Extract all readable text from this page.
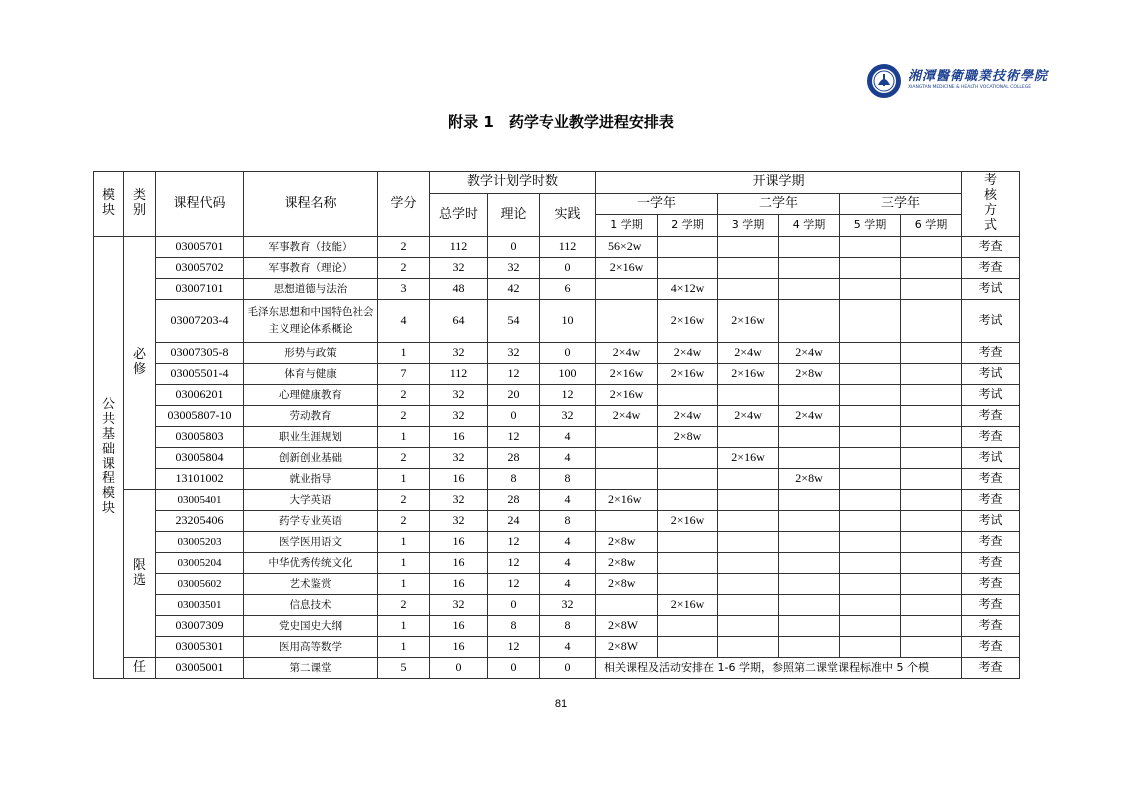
湘潭醫衛職業技術學院
XIANGTAN MEDICINE & HEALTH VOCATIONAL COLLEGE
附录 1　药学专业教学进程安排表
模块	类别	课程代码	课程名称	学分	教学计划学时数			开课学期						考核方式
					总学时	理论	实践	一学年		二学年		三学年		
								1 学期	2 学期	3 学期	4 学期	5 学期	6 学期	
公共基础课程模块	必修	03005701	军事教育（技能）	2	112	0	112	56×2w						考查
		03005702	军事教育（理论）	2	32	32	0	2×16w						考查
		03007101	思想道德与法治	3	48	42	6		4×12w					考试
		03007203-4	毛泽东思想和中国特色社会主义理论体系概论	4	64	54	10		2×16w	2×16w				考试
		03007305-8	形势与政策	1	32	32	0	2×4w	2×4w	2×4w	2×4w			考查
		03005501-4	体育与健康	7	112	12	100	2×16w	2×16w	2×16w	2×8w			考试
		03006201	心理健康教育	2	32	20	12	2×16w						考试
		03005807-10	劳动教育	2	32	0	32	2×4w	2×4w	2×4w	2×4w			考查
		03005803	职业生涯规划	1	16	12	4		2×8w					考查
		03005804	创新创业基础	2	32	28	4			2×16w				考试
		13101002	就业指导	1	16	8	8				2×8w			考查
	限选	03005401	大学英语	2	32	28	4	2×16w						考查
		23205406	药学专业英语	2	32	24	8		2×16w					考试
		03005203	医学医用语文	1	16	12	4	2×8w						考查
		03005204	中华优秀传统文化	1	16	12	4	2×8w						考查
		03005602	艺术鉴赏	1	16	12	4	2×8w						考查
		03003501	信息技术	2	32	0	32		2×16w					考查
		03007309	党史国史大纲	1	16	8	8	2×8W						考查
		03005301	医用高等数学	1	16	12	4	2×8W						考查
	任	03005001	第二课堂	5	0	0	0	相关课程及活动安排在 1-6 学期，参照第二课堂课程标准中 5 个模						考查
81
